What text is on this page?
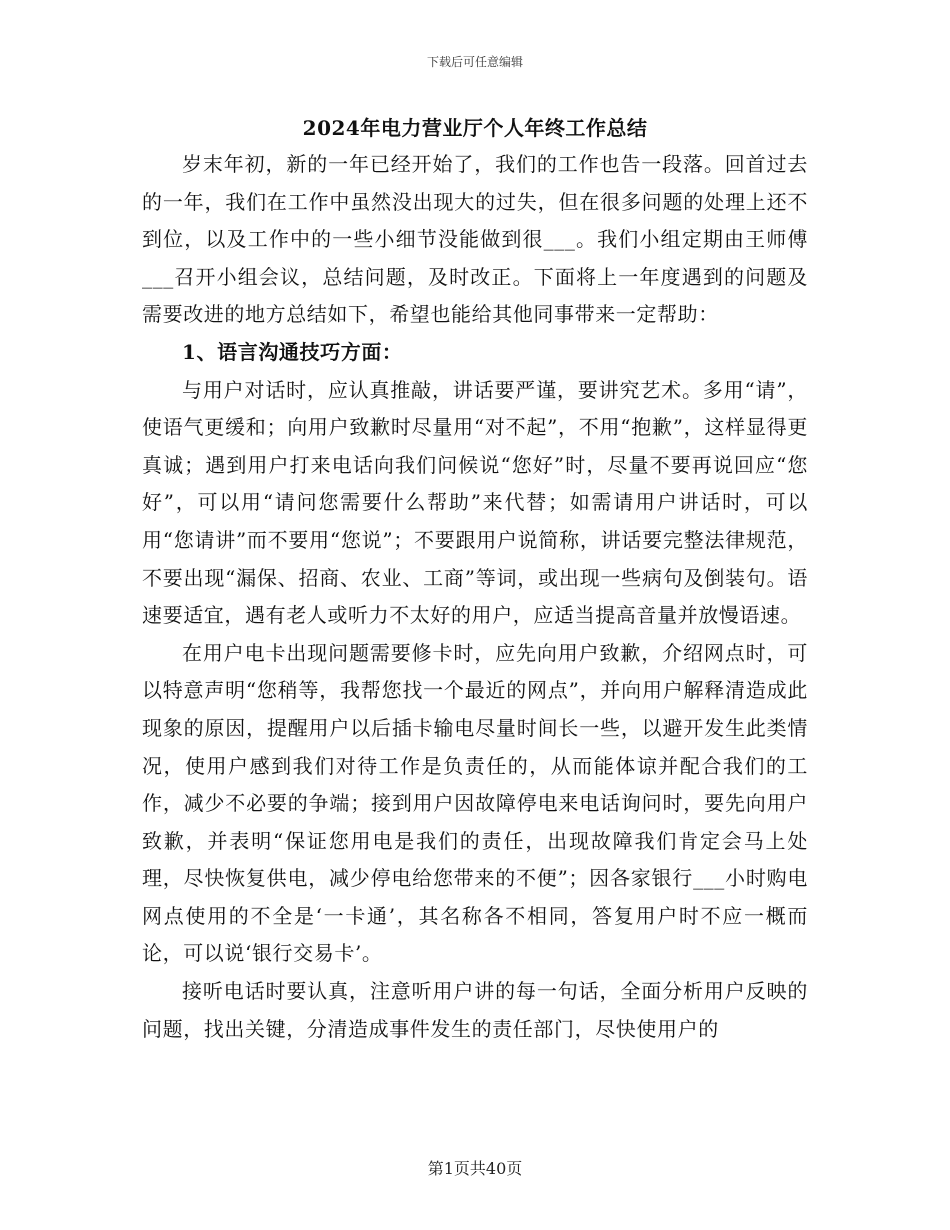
下载后可任意编辑
2024年电力营业厅个人年终工作总结

岁末年初，新的一年已经开始了，我们的工作也告一段落。回首过去的一年，我们在工作中虽然没出现大的过失，但在很多问题的处理上还不到位，以及工作中的一些小细节没能做到很___。我们小组定期由王师傅___召开小组会议，总结问题，及时改正。下面将上一年度遇到的问题及需要改进的地方总结如下，希望也能给其他同事带来一定帮助：

1、语言沟通技巧方面：

与用户对话时，应认真推敲，讲话要严谨，要讲究艺术。多用“请”，使语气更缓和；向用户致歉时尽量用“对不起”，不用“抱歉”，这样显得更真诚；遇到用户打来电话向我们问候说“您好”时，尽量不要再说回应“您好”，可以用“请问您需要什么帮助”来代替；如需请用户讲话时，可以用“您请讲”而不要用“您说”；不要跟用户说简称，讲话要完整法律规范，不要出现“漏保、招商、农业、工商”等词，或出现一些病句及倒装句。语速要适宜，遇有老人或听力不太好的用户，应适当提高音量并放慢语速。

在用户电卡出现问题需要修卡时，应先向用户致歉，介绍网点时，可以特意声明“您稍等，我帮您找一个最近的网点”，并向用户解释清造成此现象的原因，提醒用户以后插卡输电尽量时间长一些，以避开发生此类情况，使用户感到我们对待工作是负责任的，从而能体谅并配合我们的工作，减少不必要的争端；接到用户因故障停电来电话询问时，要先向用户致歉，并表明“保证您用电是我们的责任，出现故障我们肯定会马上处理，尽快恢复供电，减少停电给您带来的不便”；因各家银行___小时购电网点使用的不全是‘一卡通’，其名称各不相同，答复用户时不应一概而论，可以说‘银行交易卡’。

接听电话时要认真，注意听用户讲的每一句话，全面分析用户反映的问题，找出关键，分清造成事件发生的责任部门，尽快使用户的

第1页共40页
